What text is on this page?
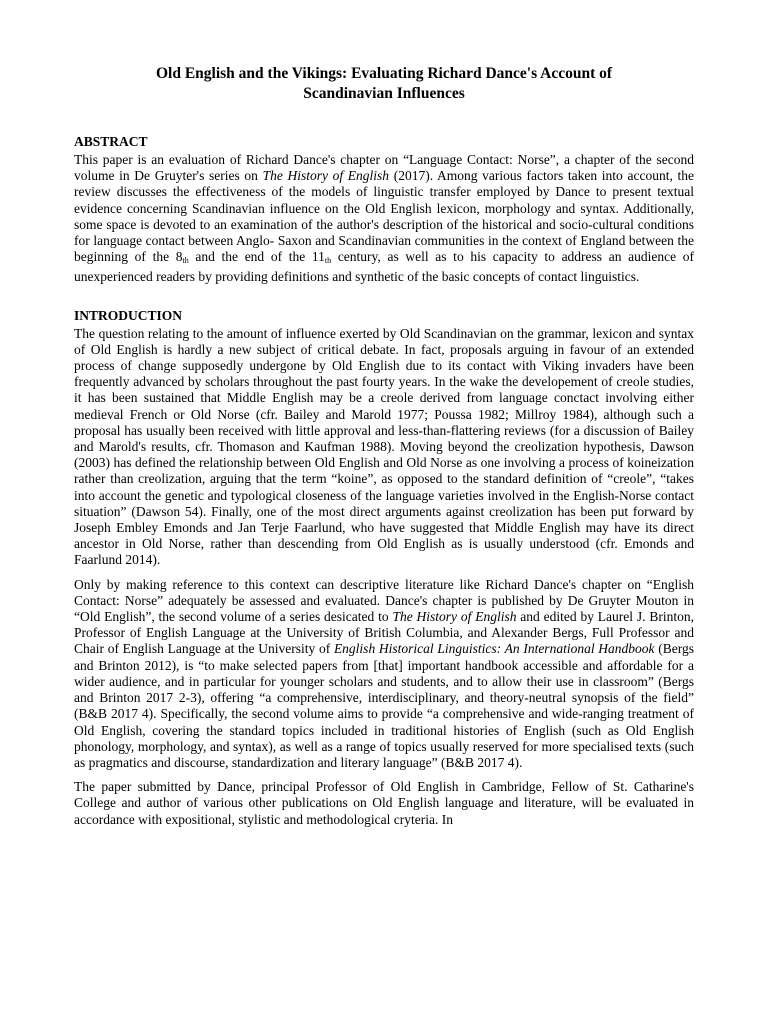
Old English and the Vikings: Evaluating Richard Dance's Account of
Scandinavian Influences
ABSTRACT

This paper is an evaluation of Richard Dance's chapter on “Language Contact: Norse”, a chapter of the second volume in De Gruyter's series on The History of English (2017). Among various factors taken into account, the review discusses the effectiveness of the models of linguistic transfer employed by Dance to present textual evidence concerning Scandinavian influence on the Old English lexicon, morphology and syntax. Additionally, some space is devoted to an examination of the author's description of the historical and socio-cultural conditions for language contact between Anglo- Saxon and Scandinavian communities in the context of England between the beginning of the $8_{th}$ and the end of the $11_{th}$ century, as well as to his capacity to address an audience of unexperienced readers by providing definitions and synthetic of the basic concepts of contact linguistics.

INTRODUCTION

The question relating to the amount of influence exerted by Old Scandinavian on the grammar, lexicon and syntax of Old English is hardly a new subject of critical debate. In fact, proposals arguing in favour of an extended process of change supposedly undergone by Old English due to its contact with Viking invaders have been frequently advanced by scholars throughout the past fourty years. In the wake the developement of creole studies, it has been sustained that Middle English may be a creole derived from language conctact involving either medieval French or Old Norse (cfr. Bailey and Marold 1977; Poussa 1982; Millroy 1984), although such a proposal has usually been received with little approval and less-than-flattering reviews (for a discussion of Bailey and Marold's results, cfr. Thomason and Kaufman 1988). Moving beyond the creolization hypothesis, Dawson (2003) has defined the relationship between Old English and Old Norse as one involving a process of koineization rather than creolization, arguing that the term “koine”, as opposed to the standard definition of “creole”, “takes into account the genetic and typological closeness of the language varieties involved in the English-Norse contact situation” (Dawson 54). Finally, one of the most direct arguments against creolization has been put forward by Joseph Embley Emonds and Jan Terje Faarlund, who have suggested that Middle English may have its direct ancestor in Old Norse, rather than descending from Old English as is usually understood (cfr. Emonds and Faarlund 2014).

Only by making reference to this context can descriptive literature like Richard Dance's chapter on “English Contact: Norse” adequately be assessed and evaluated. Dance's chapter is published by De Gruyter Mouton in “Old English”, the second volume of a series desicated to The History of English and edited by Laurel J. Brinton, Professor of English Language at the University of British Columbia, and Alexander Bergs, Full Professor and Chair of English Language at the University of English Historical Linguistics: An International Handbook (Bergs and Brinton 2012), is “to make selected papers from [that] important handbook accessible and affordable for a wider audience, and in particular for younger scholars and students, and to allow their use in classroom” (Bergs and Brinton 2017 2-3), offering “a comprehensive, interdisciplinary, and theory-neutral synopsis of the field” (B&B 2017 4). Specifically, the second volume aims to provide “a comprehensive and wide-ranging treatment of Old English, covering the standard topics included in traditional histories of English (such as Old English phonology, morphology, and syntax), as well as a range of topics usually reserved for more specialised texts (such as pragmatics and discourse, standardization and literary language” (B&B 2017 4).

The paper submitted by Dance, principal Professor of Old English in Cambridge, Fellow of St. Catharine's College and author of various other publications on Old English language and literature, will be evaluated in accordance with expositional, stylistic and methodological cryteria. In
